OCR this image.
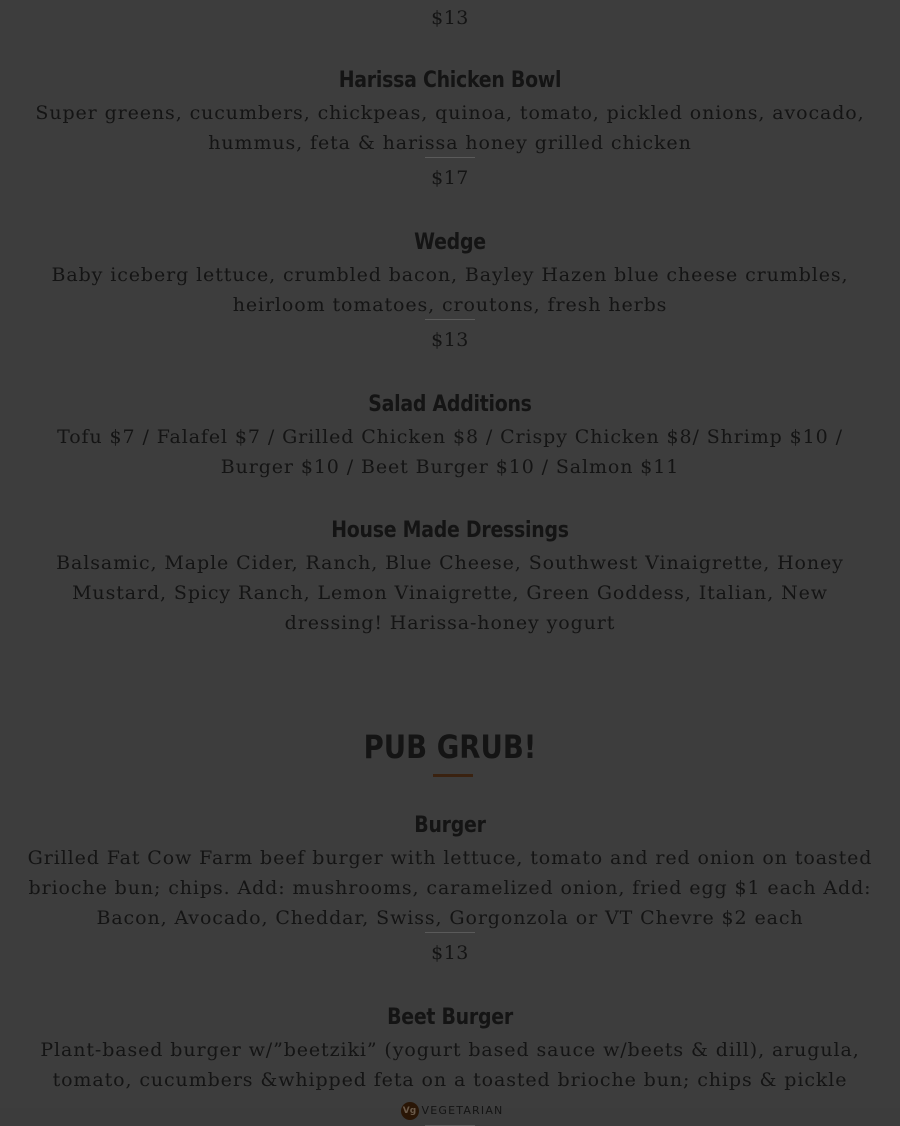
$13
Harissa Chicken Bowl
Super greens, cucumbers, chickpeas, quinoa, tomato, pickled onions, avocado, hummus, feta & harissa honey grilled chicken
$17
Wedge
Baby iceberg lettuce, crumbled bacon, Bayley Hazen blue cheese crumbles, heirloom tomatoes, croutons, fresh herbs
$13
Salad Additions
Tofu $7 / Falafel $7 / Grilled Chicken $8 / Crispy Chicken $8/ Shrimp $10 / Burger $10 / Beet Burger $10 / Salmon $11
House Made Dressings
Balsamic, Maple Cider, Ranch, Blue Cheese, Southwest Vinaigrette, Honey Mustard, Spicy Ranch, Lemon Vinaigrette, Green Goddess, Italian, New dressing! Harissa-honey yogurt
PUB GRUB!
Burger
Grilled Fat Cow Farm beef burger with lettuce, tomato and red onion on toasted brioche bun; chips. Add: mushrooms, caramelized onion, fried egg $1 each Add: Bacon, Avocado, Cheddar, Swiss, Gorgonzola or VT Chevre $2 each
$13
Beet Burger
Plant-based burger w/”beetziki” (yogurt based sauce w/beets & dill), arugula, tomato, cucumbers &whipped feta on a toasted brioche bun; chips & pickleVg VEGETARIAN
